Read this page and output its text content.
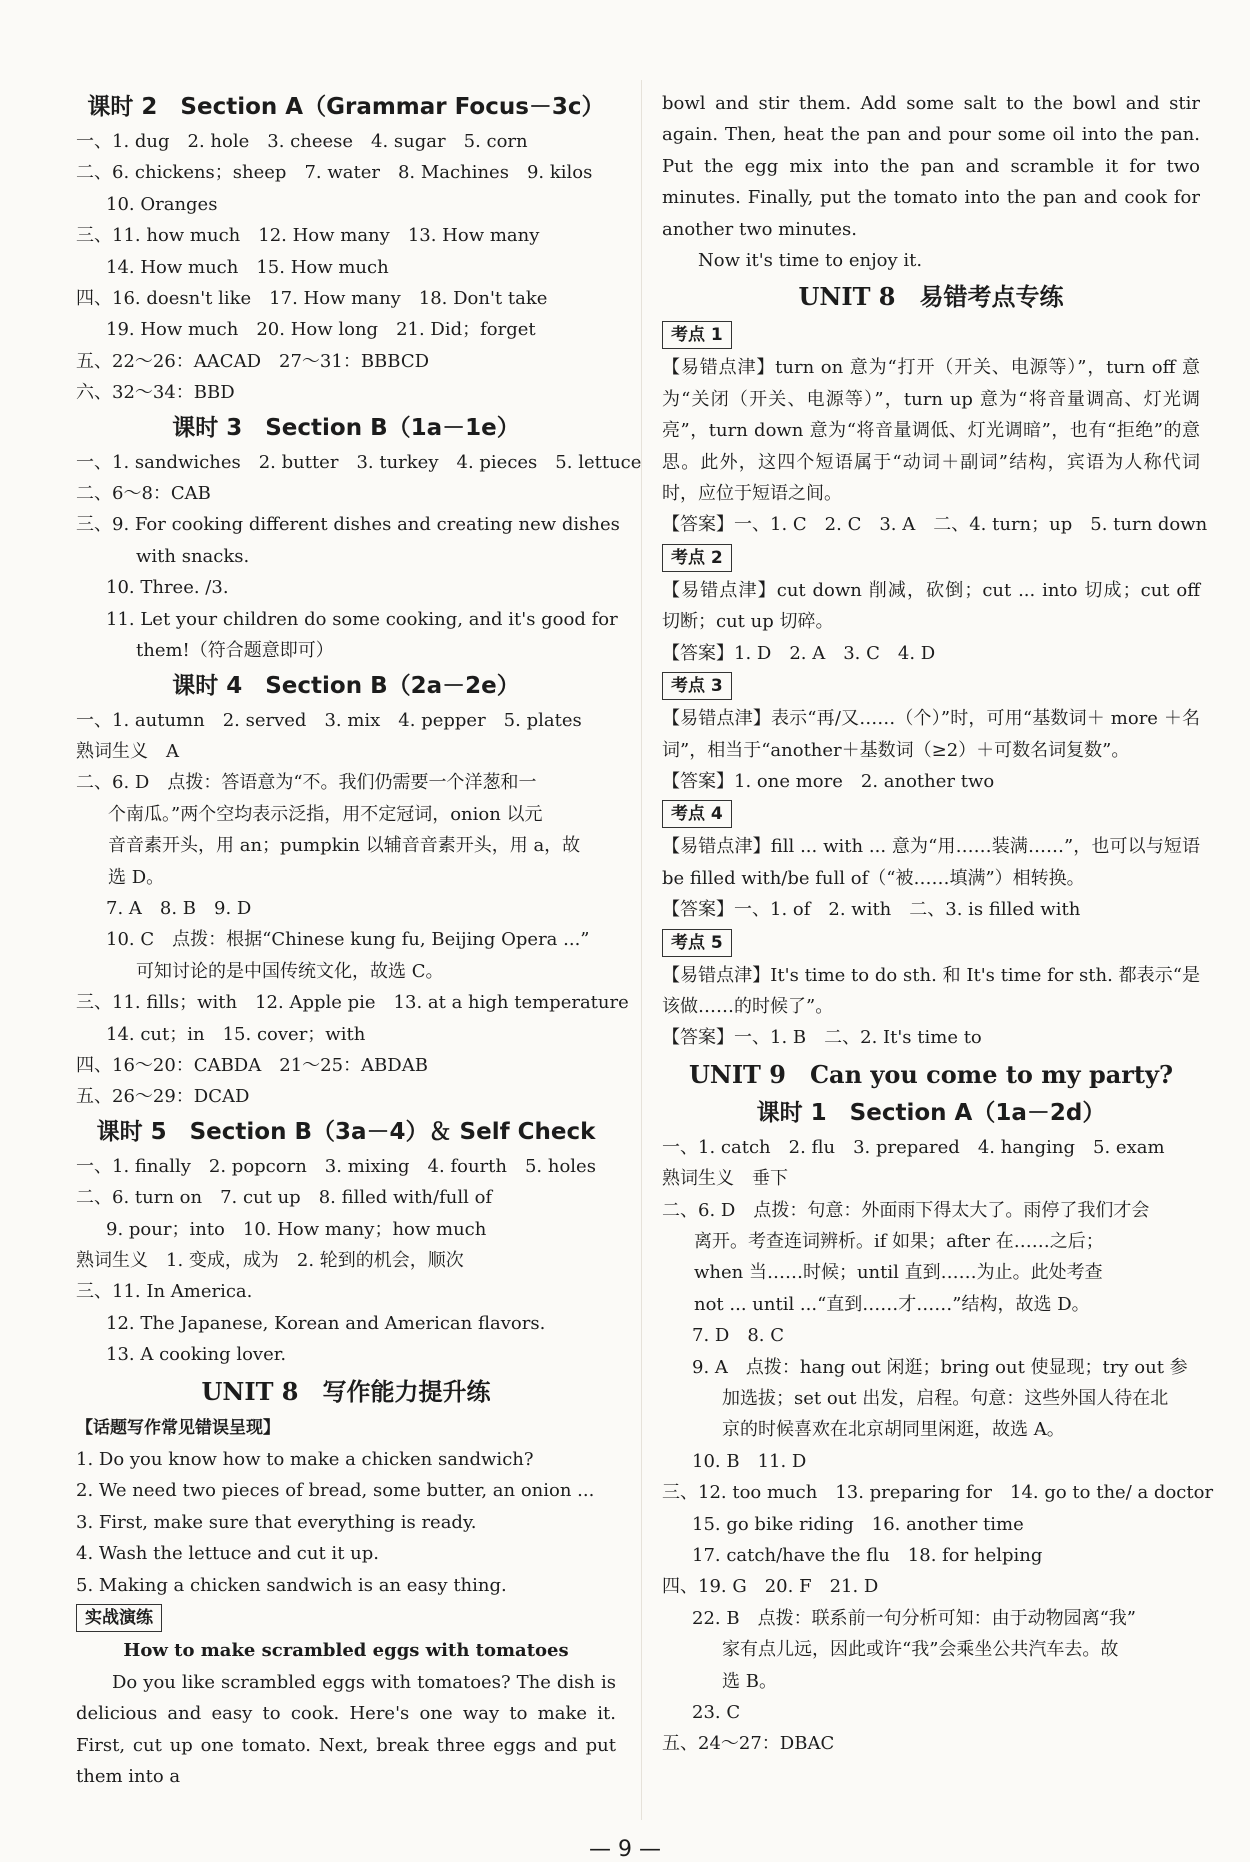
课时 2　Section A（Grammar Focus－3c）
一、1. dug　2. hole　3. cheese　4. sugar　5. corn
二、6. chickens；sheep　7. water　8. Machines　9. kilos
10. Oranges
三、11. how much　12. How many　13. How many
14. How much　15. How much
四、16. doesn't like　17. How many　18. Don't take
19. How much　20. How long　21. Did；forget
五、22～26：AACAD　27～31：BBBCD
六、32～34：BBD
课时 3　Section B（1a－1e）
一、1. sandwiches　2. butter　3. turkey　4. pieces　5. lettuce
二、6～8：CAB
三、9. For cooking different dishes and creating new dishes
with snacks.
10. Three. /3.
11. Let your children do some cooking, and it's good for
them!（符合题意即可）
课时 4　Section B（2a－2e）
一、1. autumn　2. served　3. mix　4. pepper　5. plates
熟词生义　A
二、6. D　点拨：答语意为“不。我们仍需要一个洋葱和一
个南瓜。”两个空均表示泛指，用不定冠词，onion 以元
音音素开头，用 an；pumpkin 以辅音音素开头，用 a，故
选 D。
7. A　8. B　9. D
10. C　点拨：根据“Chinese kung fu, Beijing Opera ...”
可知讨论的是中国传统文化，故选 C。
三、11. fills；with　12. Apple pie　13. at a high temperature
14. cut；in　15. cover；with
四、16～20：CABDA　21～25：ABDAB
五、26～29：DCAD
课时 5　Section B（3a－4）＆ Self Check
一、1. finally　2. popcorn　3. mixing　4. fourth　5. holes
二、6. turn on　7. cut up　8. filled with/full of
9. pour；into　10. How many；how much
熟词生义　1. 变成，成为　2. 轮到的机会，顺次
三、11. In America.
12. The Japanese, Korean and American flavors.
13. A cooking lover.
UNIT 8　写作能力提升练
【话题写作常见错误呈现】
1. Do you know how to make a chicken sandwich?
2. We need two pieces of bread, some butter, an onion ...
3. First, make sure that everything is ready.
4. Wash the lettuce and cut it up.
5. Making a chicken sandwich is an easy thing.
实战演练
How to make scrambled eggs with tomatoes
Do you like scrambled eggs with tomatoes? The dish is delicious and easy to cook. Here's one way to make it. First, cut up one tomato. Next, break three eggs and put them into a
bowl and stir them. Add some salt to the bowl and stir again. Then, heat the pan and pour some oil into the pan. Put the egg mix into the pan and scramble it for two minutes. Finally, put the tomato into the pan and cook for another two minutes.
Now it's time to enjoy it.
UNIT 8　易错考点专练
考点 1
【易错点津】turn on 意为“打开（开关、电源等）”，turn off 意为“关闭（开关、电源等）”，turn up 意为“将音量调高、灯光调亮”，turn down 意为“将音量调低、灯光调暗”，也有“拒绝”的意思。此外，这四个短语属于“动词＋副词”结构，宾语为人称代词时，应位于短语之间。
【答案】一、1. C　2. C　3. A　二、4. turn；up　5. turn down
考点 2
【易错点津】cut down 削减，砍倒；cut ... into 切成；cut off 切断；cut up 切碎。
【答案】1. D　2. A　3. C　4. D
考点 3
【易错点津】表示“再/又……（个）”时，可用“基数词＋ more ＋名词”，相当于“another＋基数词（≥2）＋可数名词复数”。
【答案】1. one more　2. another two
考点 4
【易错点津】fill ... with ... 意为“用……装满……”，也可以与短语 be filled with/be full of（“被……填满”）相转换。
【答案】一、1. of　2. with　二、3. is filled with
考点 5
【易错点津】It's time to do sth. 和 It's time for sth. 都表示“是该做……的时候了”。
【答案】一、1. B　二、2. It's time to
UNIT 9　Can you come to my party?
课时 1　Section A（1a－2d）
一、1. catch　2. flu　3. prepared　4. hanging　5. exam
熟词生义　垂下
二、6. D　点拨：句意：外面雨下得太大了。雨停了我们才会
离开。考查连词辨析。if 如果；after 在……之后；
when 当……时候；until 直到……为止。此处考查
not ... until ...“直到……才……”结构，故选 D。
7. D　8. C
9. A　点拨：hang out 闲逛；bring out 使显现；try out 参
加选拔；set out 出发，启程。句意：这些外国人待在北
京的时候喜欢在北京胡同里闲逛，故选 A。
10. B　11. D
三、12. too much　13. preparing for　14. go to the/ a doctor
15. go bike riding　16. another time
17. catch/have the flu　18. for helping
四、19. G　20. F　21. D
22. B　点拨：联系前一句分析可知：由于动物园离“我”
家有点儿远，因此或许“我”会乘坐公共汽车去。故
选 B。
23. C
五、24～27：DBAC
— 9 —
